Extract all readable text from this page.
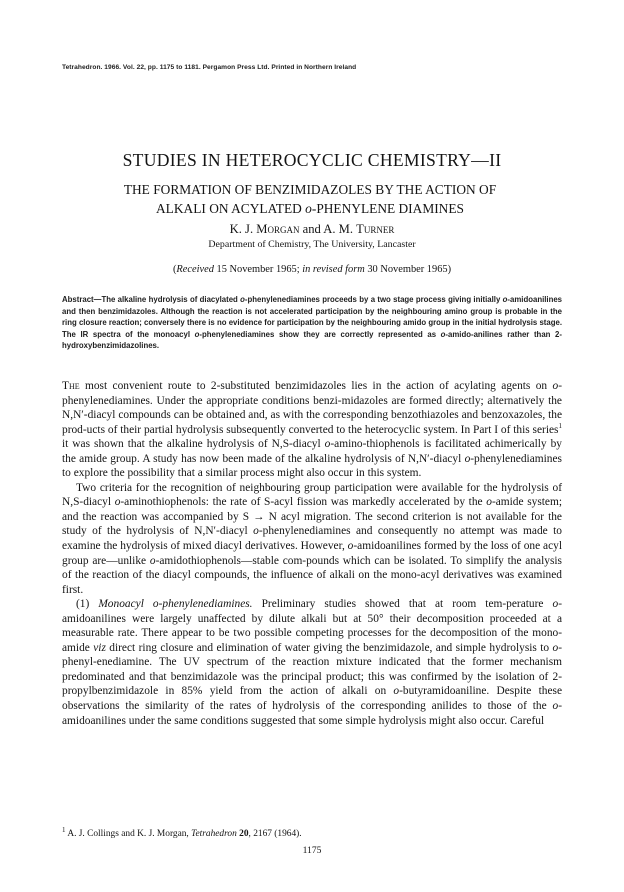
Tetrahedron. 1966. Vol. 22, pp. 1175 to 1181. Pergamon Press Ltd. Printed in Northern Ireland
STUDIES IN HETEROCYCLIC CHEMISTRY—II
THE FORMATION OF BENZIMIDAZOLES BY THE ACTION OF
ALKALI ON ACYLATED o-PHENYLENE DIAMINES
K. J. Morgan and A. M. Turner
Department of Chemistry, The University, Lancaster
(Received 15 November 1965; in revised form 30 November 1965)
Abstract—The alkaline hydrolysis of diacylated o-phenylenediamines proceeds by a two stage process giving initially o-amidoanilines and then benzimidazoles. Although the reaction is not accelerated participation by the neighbouring amino group is probable in the ring closure reaction; conversely there is no evidence for participation by the neighbouring amido group in the initial hydrolysis stage. The IR spectra of the monoacyl o-phenylenediamines show they are correctly represented as o-amido-anilines rather than 2-hydroxybenzimidazolines.

The most convenient route to 2-substituted benzimidazoles lies in the action of acylating agents on o-phenylenediamines. Under the appropriate conditions benzi-midazoles are formed directly; alternatively the N,N′-diacyl compounds can be obtained and, as with the corresponding benzothiazoles and benzoxazoles, the prod-ucts of their partial hydrolysis subsequently converted to the heterocyclic system. In Part I of this series$^1$ it was shown that the alkaline hydrolysis of N,S-diacyl o-amino-thiophenols is facilitated achimerically by the amide group. A study has now been made of the alkaline hydrolysis of N,N′-diacyl o-phenylenediamines to explore the possibility that a similar process might also occur in this system.

Two criteria for the recognition of neighbouring group participation were available for the hydrolysis of N,S-diacyl o-aminothiophenols: the rate of S-acyl fission was markedly accelerated by the o-amide system; and the reaction was accompanied by S → N acyl migration. The second criterion is not available for the study of the hydrolysis of N,N′-diacyl o-phenylenediamines and consequently no attempt was made to examine the hydrolysis of mixed diacyl derivatives. However, o-amidoanilines formed by the loss of one acyl group are—unlike o-amidothiophenols—stable com-pounds which can be isolated. To simplify the analysis of the reaction of the diacyl compounds, the influence of alkali on the mono-acyl derivatives was examined first.

(1) Monoacyl o-phenylenediamines. Preliminary studies showed that at room tem-perature o-amidoanilines were largely unaffected by dilute alkali but at 50° their decomposition proceeded at a measurable rate. There appear to be two possible competing processes for the decomposition of the mono-amide viz direct ring closure and elimination of water giving the benzimidazole, and simple hydrolysis to o-phenyl-enediamine. The UV spectrum of the reaction mixture indicated that the former mechanism predominated and that benzimidazole was the principal product; this was confirmed by the isolation of 2-propylbenzimidazole in 85% yield from the action of alkali on o-butyramidoaniline. Despite these observations the similarity of the rates of hydrolysis of the corresponding anilides to those of the o-amidoanilines under the same conditions suggested that some simple hydrolysis might also occur. Careful

$^1$ A. J. Collings and K. J. Morgan, Tetrahedron 20, 2167 (1964).
1175
